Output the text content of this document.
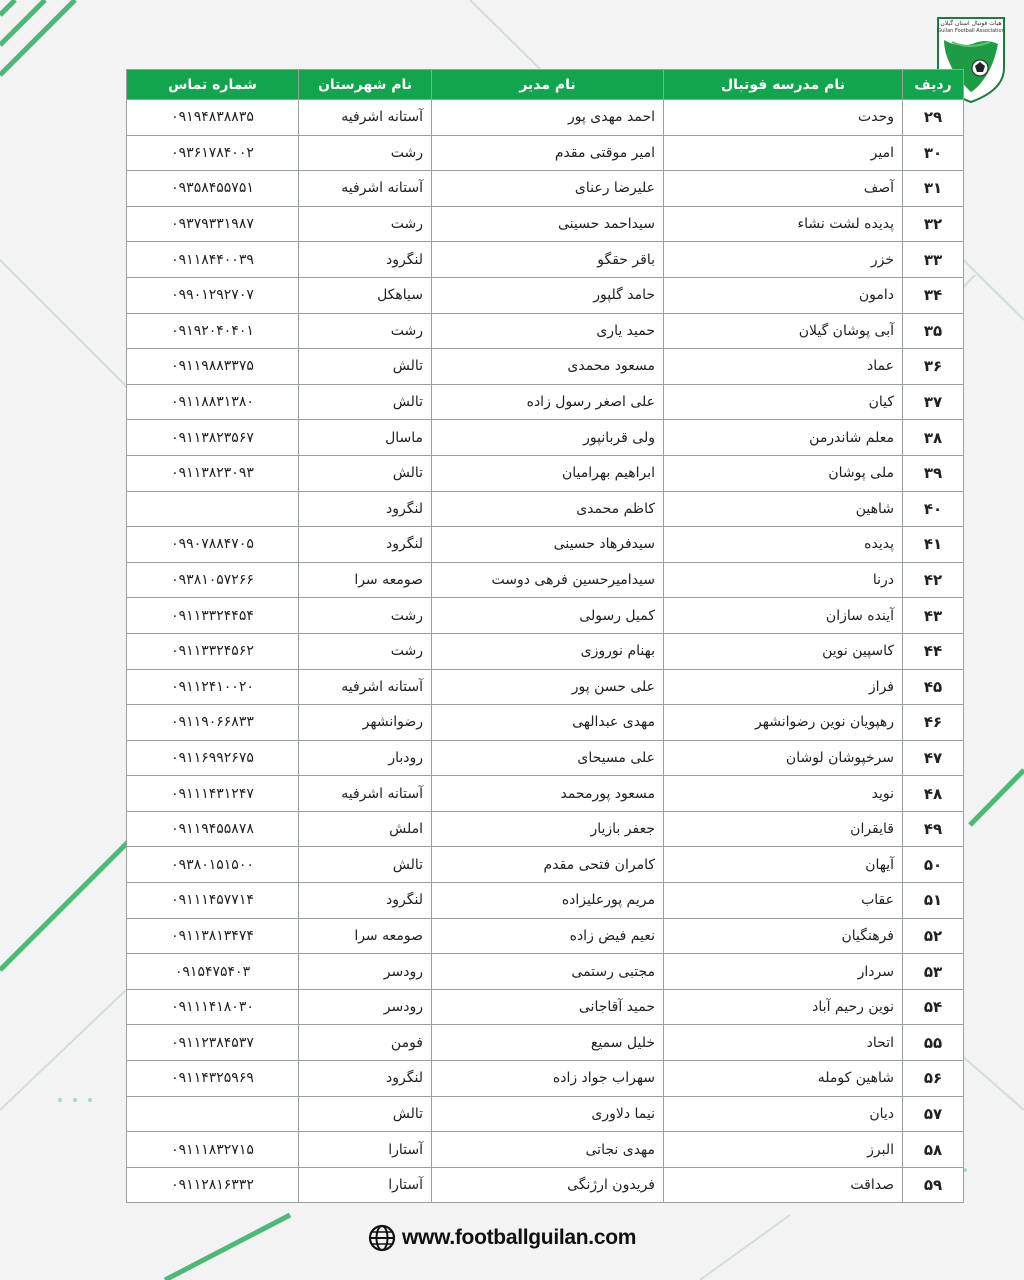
هیات فوتبال استان گیلان
Guilan Football Association
ردیف	نام مدرسه فوتبال	نام مدیر	نام شهرستان	شماره تماس
۲۹	وحدت	احمد مهدی پور	آستانه اشرفیه	۰۹۱۹۴۸۳۸۸۳۵
۳۰	امیر	امیر موقتی مقدم	رشت	۰۹۳۶۱۷۸۴۰۰۲
۳۱	آصف	علیرضا رعنای	آستانه اشرفیه	۰۹۳۵۸۴۵۵۷۵۱
۳۲	پدیده لشت نشاء	سیداحمد حسینی	رشت	۰۹۳۷۹۳۳۱۹۸۷
۳۳	خزر	باقر حقگو	لنگرود	۰۹۱۱۸۴۴۰۰۳۹
۳۴	دامون	حامد گلپور	سیاهکل	۰۹۹۰۱۲۹۲۷۰۷
۳۵	آبی پوشان گیلان	حمید یاری	رشت	۰۹۱۹۲۰۴۰۴۰۱
۳۶	عماد	مسعود محمدی	تالش	۰۹۱۱۹۸۸۳۳۷۵
۳۷	کیان	علی اصغر رسول زاده	تالش	۰۹۱۱۸۸۳۱۳۸۰
۳۸	معلم شاندرمن	ولی قربانپور	ماسال	۰۹۱۱۳۸۲۳۵۶۷
۳۹	ملی پوشان	ابراهیم بهرامیان	تالش	۰۹۱۱۳۸۲۳۰۹۳
۴۰	شاهین	کاظم محمدی	لنگرود	
۴۱	پدیده	سیدفرهاد حسینی	لنگرود	۰۹۹۰۷۸۸۴۷۰۵
۴۲	درنا	سیدامیرحسین فرهی دوست	صومعه سرا	۰۹۳۸۱۰۵۷۲۶۶
۴۳	آینده سازان	کمیل رسولی	رشت	۰۹۱۱۳۳۲۴۴۵۴
۴۴	کاسپین نوین	بهنام نوروزی	رشت	۰۹۱۱۳۳۲۴۵۶۲
۴۵	فراز	علی حسن پور	آستانه اشرفیه	۰۹۱۱۲۴۱۰۰۲۰
۴۶	رهپویان نوین رضوانشهر	مهدی عبدالهی	رضوانشهر	۰۹۱۱۹۰۶۶۸۳۳
۴۷	سرخپوشان لوشان	علی مسیحای	رودبار	۰۹۱۱۶۹۹۲۶۷۵
۴۸	نوید	مسعود پورمحمد	آستانه اشرفیه	۰۹۱۱۱۴۳۱۲۴۷
۴۹	قایقران	جعفر بازیار	املش	۰۹۱۱۹۴۵۵۸۷۸
۵۰	آیهان	کامران فتحی مقدم	تالش	۰۹۳۸۰۱۵۱۵۰۰
۵۱	عقاب	مریم پورعلیزاده	لنگرود	۰۹۱۱۱۴۵۷۷۱۴
۵۲	فرهنگیان	نعیم فیض زاده	صومعه سرا	۰۹۱۱۳۸۱۳۴۷۴
۵۳	سردار	مجتبی رستمی	رودسر	۰۹۱۵۴۷۵۴۰۳
۵۴	نوین رحیم آباد	حمید آقاجانی	رودسر	۰۹۱۱۱۴۱۸۰۳۰
۵۵	اتحاد	خلیل سمیع	فومن	۰۹۱۱۲۳۸۴۵۳۷
۵۶	شاهین کومله	سهراب جواد زاده	لنگرود	۰۹۱۱۴۳۲۵۹۶۹
۵۷	دیان	نیما دلاوری	تالش	
۵۸	البرز	مهدی نجاتی	آستارا	۰۹۱۱۱۸۳۲۷۱۵
۵۹	صداقت	فریدون ارژنگی	آستارا	۰۹۱۱۲۸۱۶۳۳۲
www.footballguilan.com
